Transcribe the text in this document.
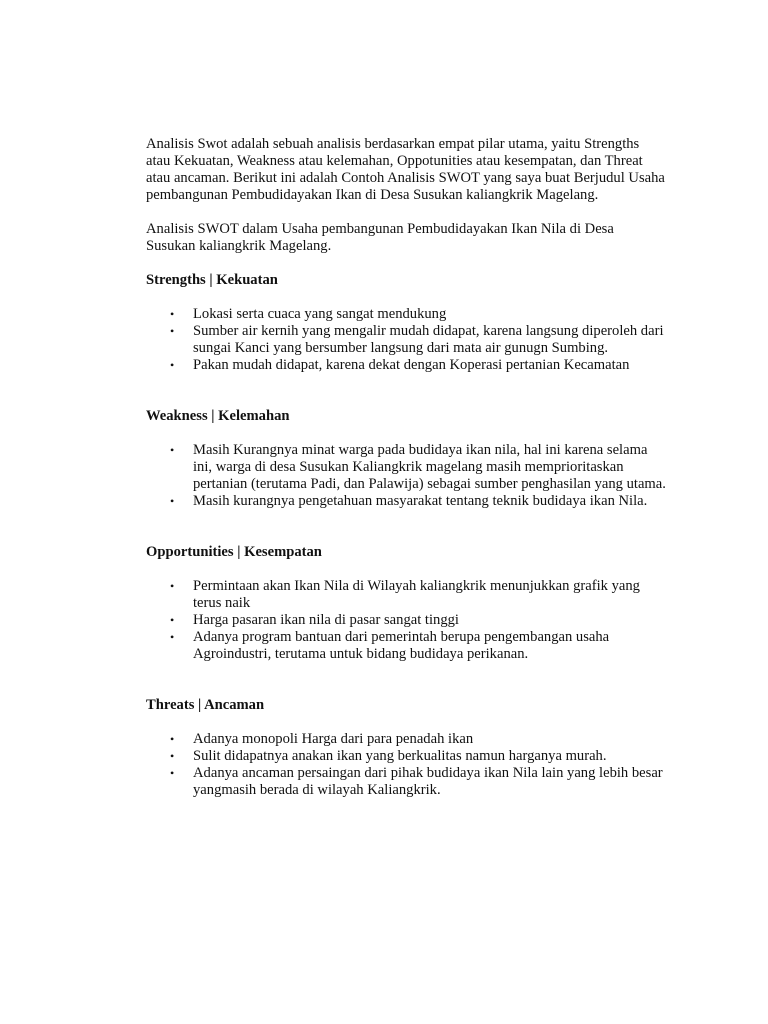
Analisis Swot adalah sebuah analisis berdasarkan empat pilar utama, yaitu Strengths atau Kekuatan, Weakness atau kelemahan, Oppotunities atau kesempatan, dan Threat atau ancaman. Berikut ini adalah Contoh Analisis SWOT yang saya buat Berjudul Usaha pembangunan Pembudidayakan Ikan di Desa Susukan kaliangkrik Magelang.

Analisis SWOT dalam Usaha pembangunan Pembudidayakan Ikan Nila di Desa Susukan kaliangkrik Magelang.

Strengths | Kekuatan

• Lokasi serta cuaca yang sangat mendukung
• Sumber air kernih yang mengalir mudah didapat, karena langsung diperoleh dari sungai Kanci yang bersumber langsung dari mata air gunugn Sumbing.
• Pakan mudah didapat, karena dekat dengan Koperasi pertanian Kecamatan

Weakness | Kelemahan

• Masih Kurangnya minat warga pada budidaya ikan nila, hal ini karena selama ini, warga di desa Susukan Kaliangkrik magelang masih memprioritaskan pertanian (terutama Padi, dan Palawija) sebagai sumber penghasilan yang utama.
• Masih kurangnya pengetahuan masyarakat tentang teknik budidaya ikan Nila.

Opportunities | Kesempatan

• Permintaan akan Ikan Nila di Wilayah kaliangkrik menunjukkan grafik yang terus naik
• Harga pasaran ikan nila di pasar sangat tinggi
• Adanya program bantuan dari pemerintah berupa pengembangan usaha Agroindustri, terutama untuk bidang budidaya perikanan.

Threats | Ancaman

• Adanya monopoli Harga dari para penadah ikan
• Sulit didapatnya anakan ikan yang berkualitas namun harganya murah.
• Adanya ancaman persaingan dari pihak budidaya ikan Nila lain yang lebih besar yangmasih berada di wilayah Kaliangkrik.
